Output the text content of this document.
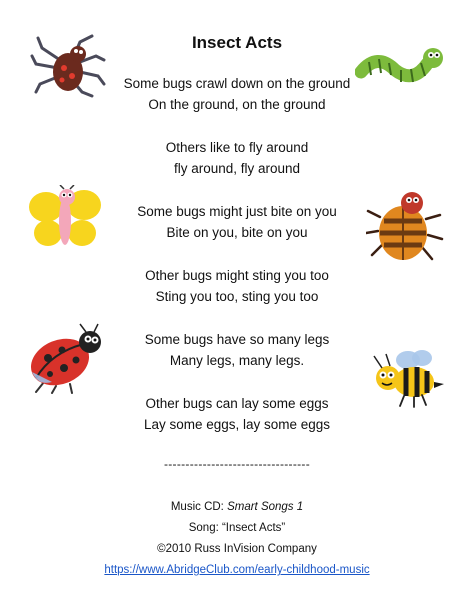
Insect Acts
Some bugs crawl down on the ground
On the ground, on the ground
Others like to fly around
fly around, fly around
Some bugs might just bite on you
Bite on you, bite on you
Other bugs might sting you too
Sting you too, sting you too
Some bugs have so many legs
Many legs, many legs.
Other bugs can lay some eggs
Lay some eggs, lay some eggs
----------------------------------
Music CD: Smart Songs 1
Song: “Insect Acts”
©2010 Russ InVision Company
https://www.AbridgeClub.com/early-childhood-music
